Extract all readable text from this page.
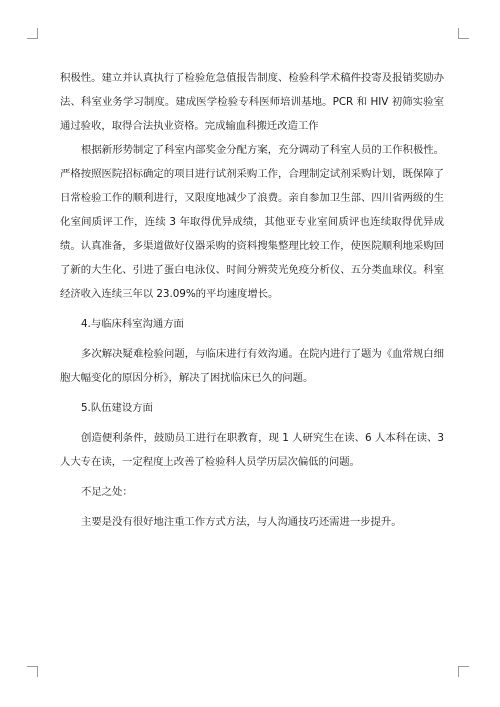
积极性。建立并认真执行了检验危急值报告制度、检验科学术稿件投寄及报销奖励办法、科室业务学习制度。建成医学检验专科医师培训基地。PCR 和 HIV 初筛实验室通过验收，取得合法执业资格。完成输血科搬迁改造工作

根据新形势制定了科室内部奖金分配方案，充分调动了科室人员的工作积极性。严格按照医院招标确定的项目进行试剂采购工作，合理制定试剂采购计划，既保障了日常检验工作的顺利进行，又限度地减少了浪费。亲自参加卫生部、四川省两级的生化室间质评工作，连续 3 年取得优异成绩，其他亚专业室间质评也连续取得优异成绩。认真准备，多渠道做好仪器采购的资料搜集整理比较工作，使医院顺利地采购回了新的大生化、引进了蛋白电泳仪、时间分辨荧光免疫分析仪、五分类血球仪。科室经济收入连续三年以 23.09%的平均速度增长。

4.与临床科室沟通方面

多次解决疑难检验问题，与临床进行有效沟通。在院内进行了题为《血常规白细胞大幅变化的原因分析》，解决了困扰临床已久的问题。

5.队伍建设方面

创造便利条件，鼓励员工进行在职教育，现 1 人研究生在读、6 人本科在读、3 人大专在读，一定程度上改善了检验科人员学历层次偏低的问题。

不足之处：

主要是没有很好地注重工作方式方法，与人沟通技巧还需进一步提升。
